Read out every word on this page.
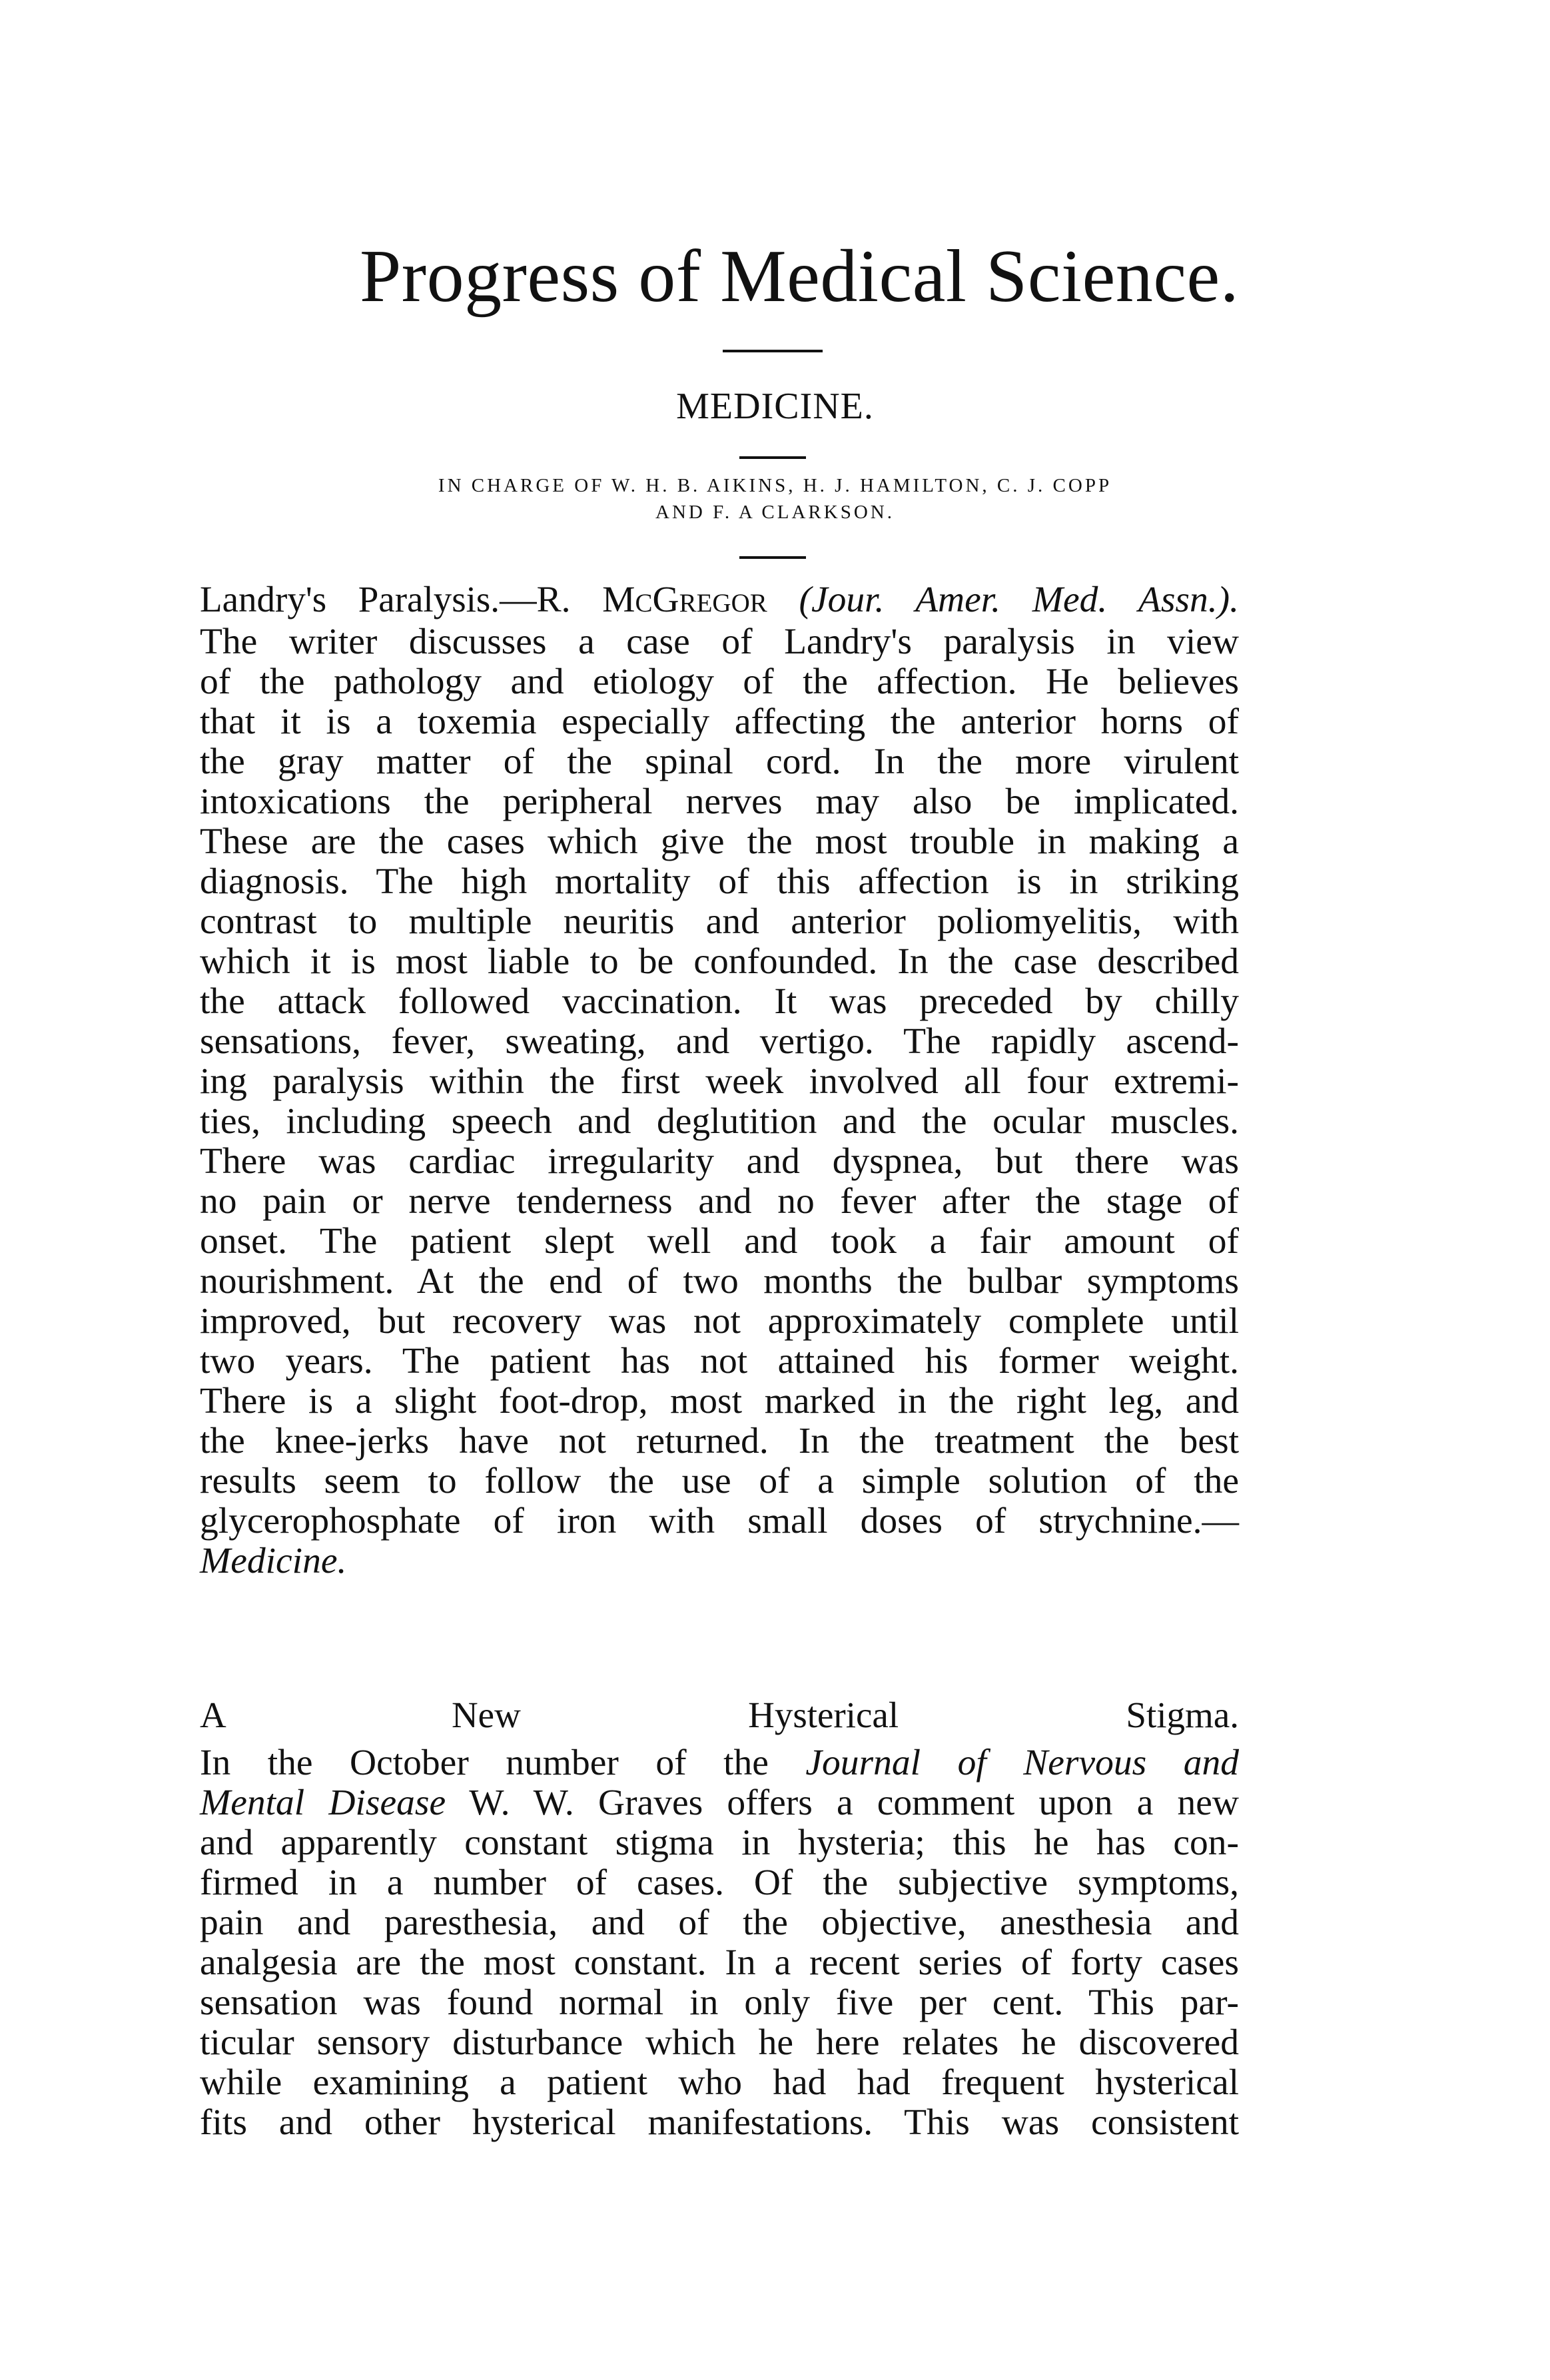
Progress of Medical Science.
MEDICINE.
IN CHARGE OF W. H. B. AIKINS, H. J. HAMILTON, C. J. COPP
AND F. A CLARKSON.
Landry's Paralysis.—R. McGregor (Jour. Amer. Med. Assn.).
The writer discusses a case of Landry's paralysis in view
of the pathology and etiology of the affection. He believes
that it is a toxemia especially affecting the anterior horns of
the gray matter of the spinal cord. In the more virulent
intoxications the peripheral nerves may also be implicated.
These are the cases which give the most trouble in making a
diagnosis. The high mortality of this affection is in striking
contrast to multiple neuritis and anterior poliomyelitis, with
which it is most liable to be confounded. In the case described
the attack followed vaccination. It was preceded by chilly
sensations, fever, sweating, and vertigo. The rapidly ascend-
ing paralysis within the first week involved all four extremi-
ties, including speech and deglutition and the ocular muscles.
There was cardiac irregularity and dyspnea, but there was
no pain or nerve tenderness and no fever after the stage of
onset. The patient slept well and took a fair amount of
nourishment. At the end of two months the bulbar symptoms
improved, but recovery was not approximately complete until
two years. The patient has not attained his former weight.
There is a slight foot-drop, most marked in the right leg, and
the knee-jerks have not returned. In the treatment the best
results seem to follow the use of a simple solution of the
glycerophosphate of iron with small doses of strychnine.—
Medicine.
A New Hysterical Stigma.
In the October number of the Journal of Nervous and
Mental Disease W. W. Graves offers a comment upon a new
and apparently constant stigma in hysteria; this he has con-
firmed in a number of cases. Of the subjective symptoms,
pain and paresthesia, and of the objective, anesthesia and
analgesia are the most constant. In a recent series of forty cases
sensation was found normal in only five per cent. This par-
ticular sensory disturbance which he here relates he discovered
while examining a patient who had had frequent hysterical
fits and other hysterical manifestations. This was consistent
